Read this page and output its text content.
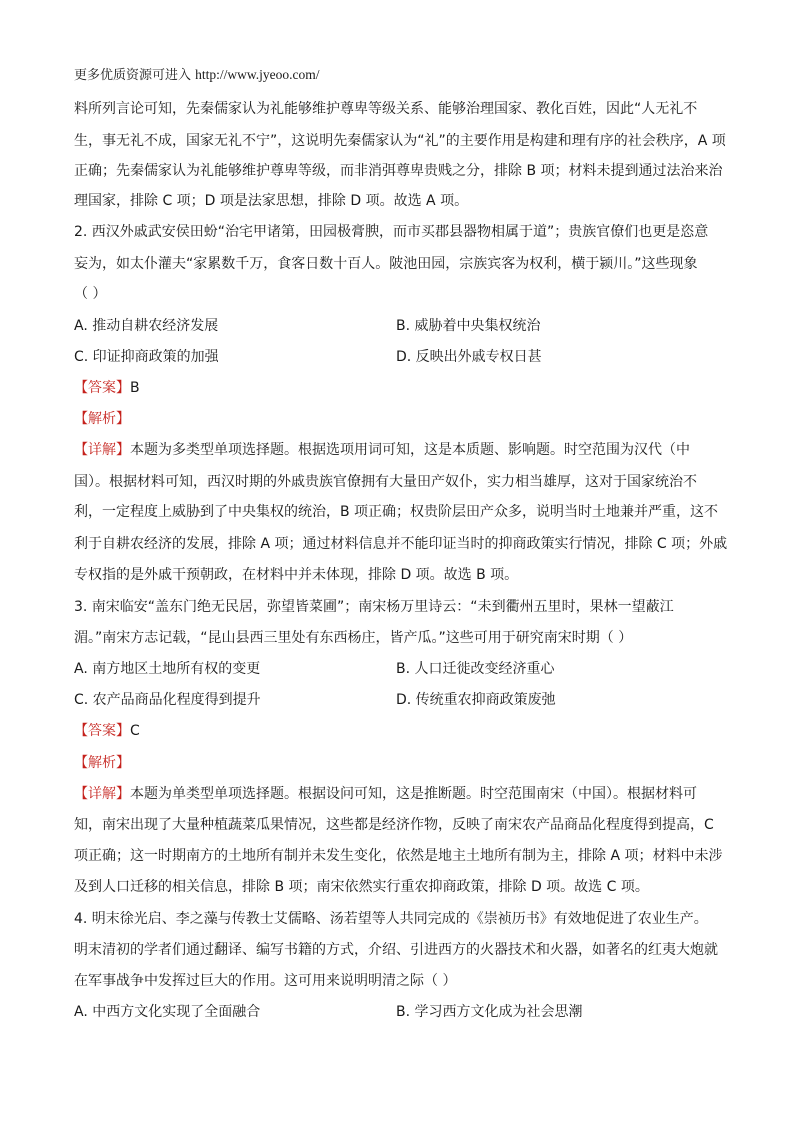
更多优质资源可进入 http://www.jyeoo.com/
料所列言论可知，先秦儒家认为礼能够维护尊卑等级关系、能够治理国家、教化百姓，因此“人无礼不
生，事无礼不成，国家无礼不宁”，这说明先秦儒家认为“礼”的主要作用是构建和理有序的社会秩序，A 项
正确；先秦儒家认为礼能够维护尊卑等级，而非消弭尊卑贵贱之分，排除 B 项；材料未提到通过法治来治
理国家，排除 C 项；D 项是法家思想，排除 D 项。故选 A 项。
2. 西汉外戚武安侯田蚡“治宅甲诸第，田园极膏腴，而市买郡县器物相属于道”；贵族官僚们也更是恣意
妄为，如太仆灌夫“家累数千万，食客日数十百人。陂池田园，宗族宾客为权利，横于颍川。”这些现象
（ ）
A. 推动自耕农经济发展	B. 威胁着中央集权统治
C. 印证抑商政策的加强	D. 反映出外戚专权日甚
【答案】B
【解析】
【详解】本题为多类型单项选择题。根据选项用词可知，这是本质题、影响题。时空范围为汉代（中
国）。根据材料可知，西汉时期的外戚贵族官僚拥有大量田产奴仆，实力相当雄厚，这对于国家统治不
利，一定程度上威胁到了中央集权的统治，B 项正确；权贵阶层田产众多，说明当时土地兼并严重，这不
利于自耕农经济的发展，排除 A 项；通过材料信息并不能印证当时的抑商政策实行情况，排除 C 项；外戚
专权指的是外戚干预朝政，在材料中并未体现，排除 D 项。故选 B 项。
3. 南宋临安“盖东门绝无民居，弥望皆菜圃”；南宋杨万里诗云：“未到衢州五里时，果林一望蔽江
湄。”南宋方志记载，“昆山县西三里处有东西杨庄，皆产瓜。”这些可用于研究南宋时期（ ）
A. 南方地区土地所有权的变更	B. 人口迁徙改变经济重心
C. 农产品商品化程度得到提升	D. 传统重农抑商政策废弛
【答案】C
【解析】
【详解】本题为单类型单项选择题。根据设问可知，这是推断题。时空范围南宋（中国）。根据材料可
知，南宋出现了大量种植蔬菜瓜果情况，这些都是经济作物，反映了南宋农产品商品化程度得到提高，C
项正确；这一时期南方的土地所有制并未发生变化，依然是地主土地所有制为主，排除 A 项；材料中未涉
及到人口迁移的相关信息，排除 B 项；南宋依然实行重农抑商政策，排除 D 项。故选 C 项。
4. 明末徐光启、李之藻与传教士艾儒略、汤若望等人共同完成的《崇祯历书》有效地促进了农业生产。
明末清初的学者们通过翻译、编写书籍的方式，介绍、引进西方的火器技术和火器，如著名的红夷大炮就
在军事战争中发挥过巨大的作用。这可用来说明明清之际（ ）
A. 中西方文化实现了全面融合	B. 学习西方文化成为社会思潮
